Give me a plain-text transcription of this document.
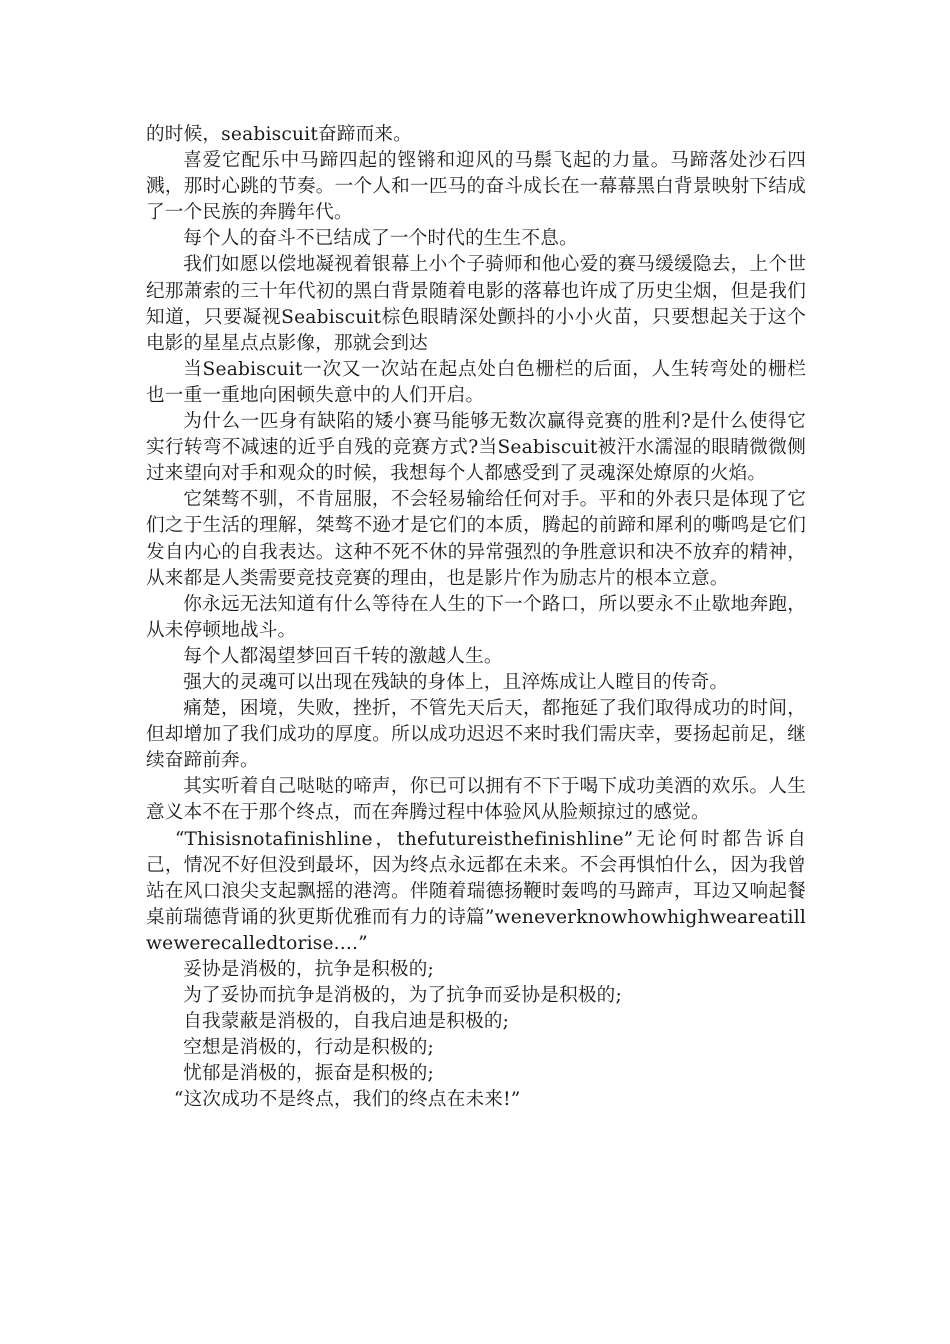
的时候，seabiscuit奋蹄而来。

喜爱它配乐中马蹄四起的铿锵和迎风的马鬃飞起的力量。马蹄落处沙石四溅，那时心跳的节奏。一个人和一匹马的奋斗成长在一幕幕黑白背景映射下结成了一个民族的奔腾年代。

每个人的奋斗不已结成了一个时代的生生不息。

我们如愿以偿地凝视着银幕上小个子骑师和他心爱的赛马缓缓隐去，上个世纪那萧索的三十年代初的黑白背景随着电影的落幕也许成了历史尘烟，但是我们知道，只要凝视Seabiscuit棕色眼睛深处颤抖的小小火苗，只要想起关于这个电影的星星点点影像，那就会到达

当Seabiscuit一次又一次站在起点处白色栅栏的后面，人生转弯处的栅栏也一重一重地向困顿失意中的人们开启。

为什么一匹身有缺陷的矮小赛马能够无数次赢得竞赛的胜利?是什么使得它实行转弯不减速的近乎自残的竞赛方式?当Seabiscuit被汗水濡湿的眼睛微微侧过来望向对手和观众的时候，我想每个人都感受到了灵魂深处燎原的火焰。

它桀骜不驯，不肯屈服，不会轻易输给任何对手。平和的外表只是体现了它们之于生活的理解，桀骜不逊才是它们的本质，腾起的前蹄和犀利的嘶鸣是它们发自内心的自我表达。这种不死不休的异常强烈的争胜意识和决不放弃的精神，从来都是人类需要竞技竞赛的理由，也是影片作为励志片的根本立意。

你永远无法知道有什么等待在人生的下一个路口，所以要永不止歇地奔跑，从未停顿地战斗。

每个人都渴望梦回百千转的激越人生。

强大的灵魂可以出现在残缺的身体上，且淬炼成让人瞠目的传奇。

痛楚，困境，失败，挫折，不管先天后天，都拖延了我们取得成功的时间，但却增加了我们成功的厚度。所以成功迟迟不来时我们需庆幸，要扬起前足，继续奋蹄前奔。

其实听着自己哒哒的啼声，你已可以拥有不下于喝下成功美酒的欢乐。人生意义本不在于那个终点，而在奔腾过程中体验风从脸颊掠过的感觉。

“Thisisnotafinishline，thefutureisthefinishline”无论何时都告诉自己，情况不好但没到最坏，因为终点永远都在未来。不会再惧怕什么，因为我曾站在风口浪尖支起飘摇的港湾。伴随着瑞德扬鞭时轰鸣的马蹄声，耳边又响起餐桌前瑞德背诵的狄更斯优雅而有力的诗篇”weneverknowhowhighweareatillwewerecalledtorise....”

妥协是消极的，抗争是积极的;

为了妥协而抗争是消极的，为了抗争而妥协是积极的;

自我蒙蔽是消极的，自我启迪是积极的;

空想是消极的，行动是积极的;

忧郁是消极的，振奋是积极的;

“这次成功不是终点，我们的终点在未来!”
